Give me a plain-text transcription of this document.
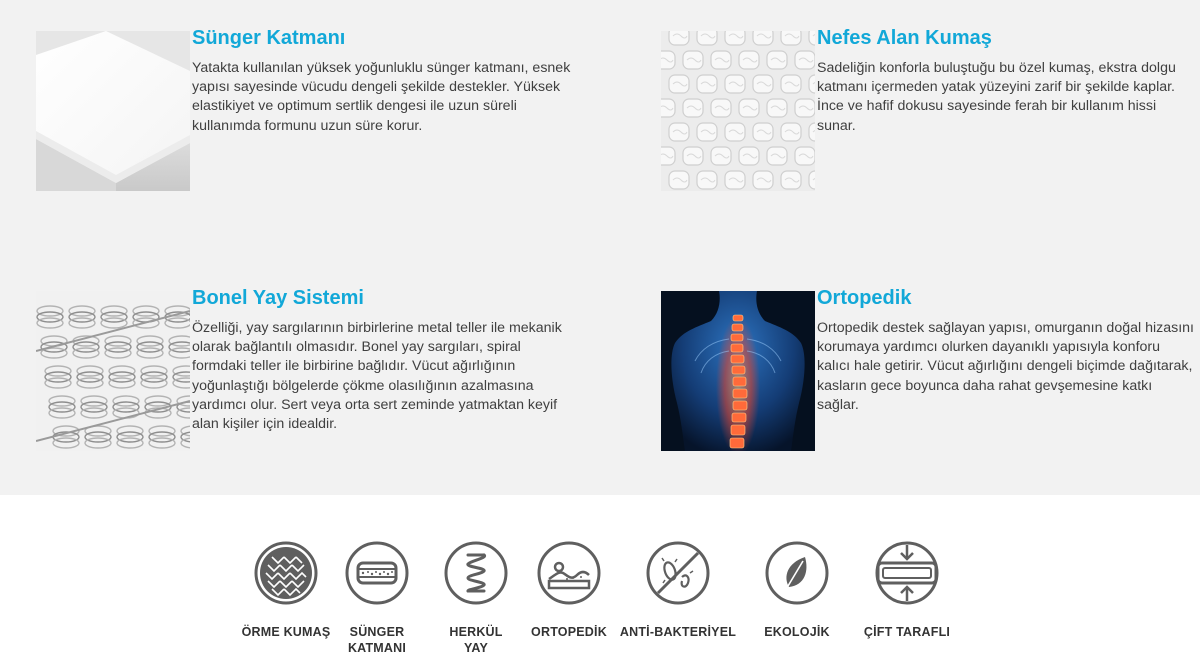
Sünger Katmanı
Yatakta kullanılan yüksek yoğunluklu sünger katmanı, esnek yapısı sayesinde vücudu dengeli şekilde destekler. Yüksek elastikiyet ve optimum sertlik dengesi ile uzun süreli kullanımda formunu uzun süre korur.
Nefes Alan Kumaş
Sadeliğin konforla buluştuğu bu özel kumaş, ekstra dolgu katmanı içermeden yatak yüzeyini zarif bir şekilde kaplar. İnce ve hafif dokusu sayesinde ferah bir kullanım hissi sunar.
Bonel Yay Sistemi
Özelliği, yay sargılarının birbirlerine metal teller ile mekanik olarak bağlantılı olmasıdır. Bonel yay sargıları, spiral formdaki teller ile birbirine bağlıdır. Vücut ağırlığının yoğunlaştığı bölgelerde çökme olasılığının azalmasına yardımcı olur. Sert veya orta sert zeminde yatmaktan keyif alan kişiler için idealdir.
Ortopedik
Ortopedik destek sağlayan yapısı, omurganın doğal hizasını korumaya yardımcı olurken dayanıklı yapısıyla konforu kalıcı hale getirir. Vücut ağırlığını dengeli biçimde dağıtarak, kasların gece boyunca daha rahat gevşemesine katkı sağlar.
ÖRME KUMAŞ	SÜNGER
KATMANI
HERKÜL
YAY
ORTOPEDİK	ANTİ-BAKTERİYEL	EKOLOJİK	ÇİFT TARAFLI
